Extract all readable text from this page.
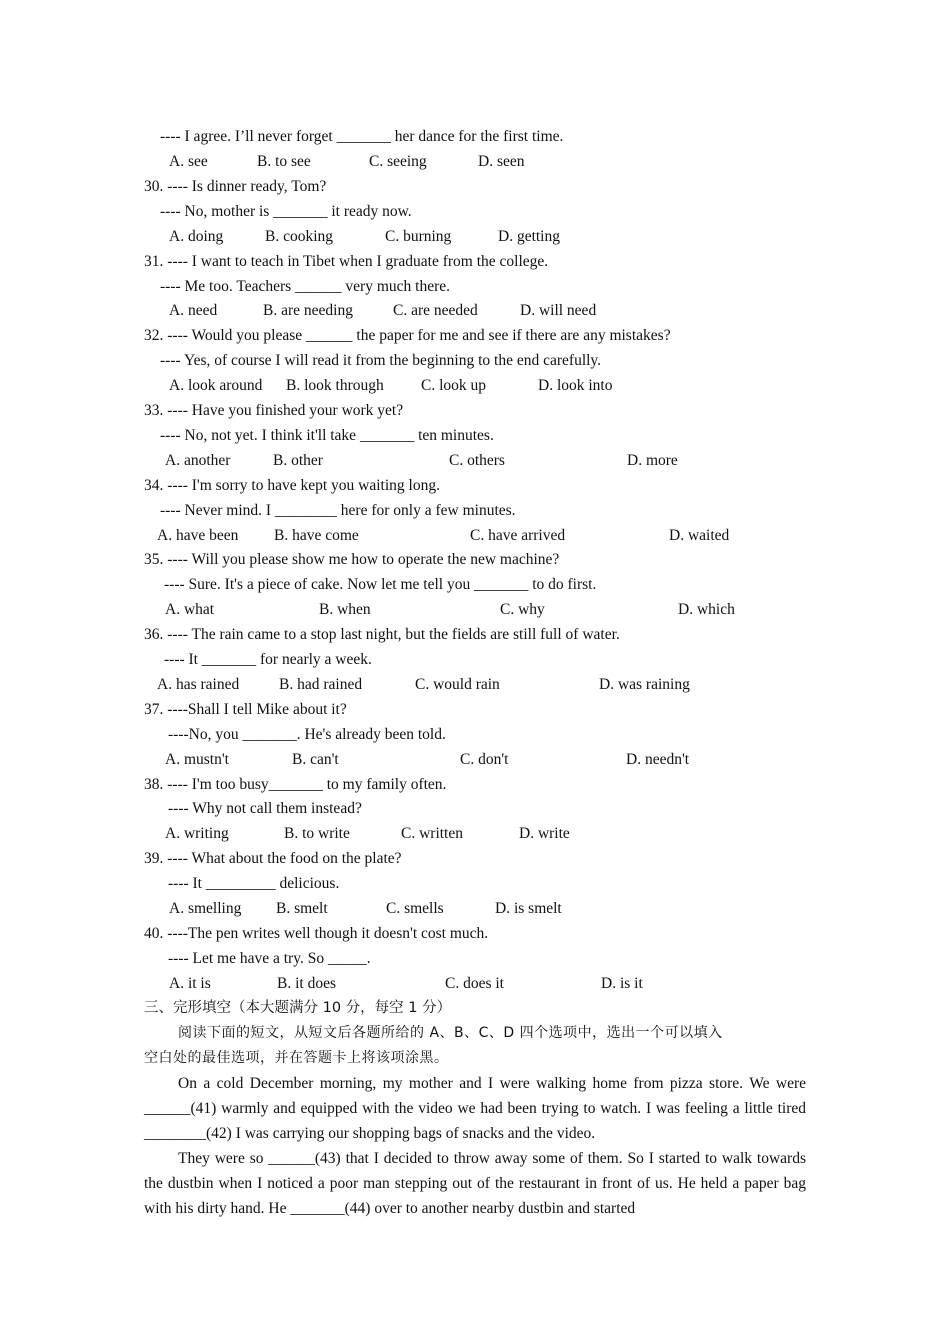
---- I agree. I’ll never forget _______ her dance for the first time.
A. see	B. to see	C. seeing	D. seen
30. ---- Is dinner ready, Tom?
---- No, mother is _______ it ready now.
A. doing	B. cooking	C. burning	D. getting
31. ---- I want to teach in Tibet when I graduate from the college.
---- Me too. Teachers ______ very much there.
A. need	B. are needing	C. are needed	D. will need
32. ---- Would you please ______ the paper for me and see if there are any mistakes?
---- Yes, of course I will read it from the beginning to the end carefully.
A. look around B. look through C. look up	D. look into
33. ---- Have you finished your work yet?
---- No, not yet. I think it'll take _______ ten minutes.
A. another	B. other	C. others	D. more
34. ---- I'm sorry to have kept you waiting long.
---- Never mind. I ________ here for only a few minutes.
A. have been B. have come	C. have arrived	D. waited
35. ---- Will you please show me how to operate the new machine?
---- Sure. It's a piece of cake. Now let me tell you _______ to do first.
A. what	B. when	C. why	D. which
36. ---- The rain came to a stop last night, but the fields are still full of water.
---- It _______ for nearly a week.
A. has rained	B. had rained	C. would rain	D. was raining
37. ----Shall I tell Mike about it?
----No, you _______. He's already been told.
A. mustn't	B. can't	C. don't	D. needn't
38. ---- I'm too busy_______ to my family often.
---- Why not call them instead?
A. writing	B. to write	C. written	D. write
39. ---- What about the food on the plate?
---- It _________ delicious.
A. smelling B. smelt	C. smells	D. is smelt
40. ----The pen writes well though it doesn't cost much.
---- Let me have a try. So _____.
A. it is	B. it does	C. does it	D. is it
三、完形填空（本大题满分 10 分，每空 1 分）
阅读下面的短文，从短文后各题所给的 A、B、C、D 四个选项中，选出一个可以填入
空白处的最佳选项，并在答题卡上将该项涂黑。
On a cold December morning, my mother and I were walking home from pizza store. We were ______(41) warmly and equipped with the video we had been trying to watch. I was feeling a little tired ________(42) I was carrying our shopping bags of snacks and the video.
They were so ______(43) that I decided to throw away some of them. So I started to walk towards the dustbin when I noticed a poor man stepping out of the restaurant in front of us. He held a paper bag with his dirty hand. He _______(44) over to another nearby dustbin and started
